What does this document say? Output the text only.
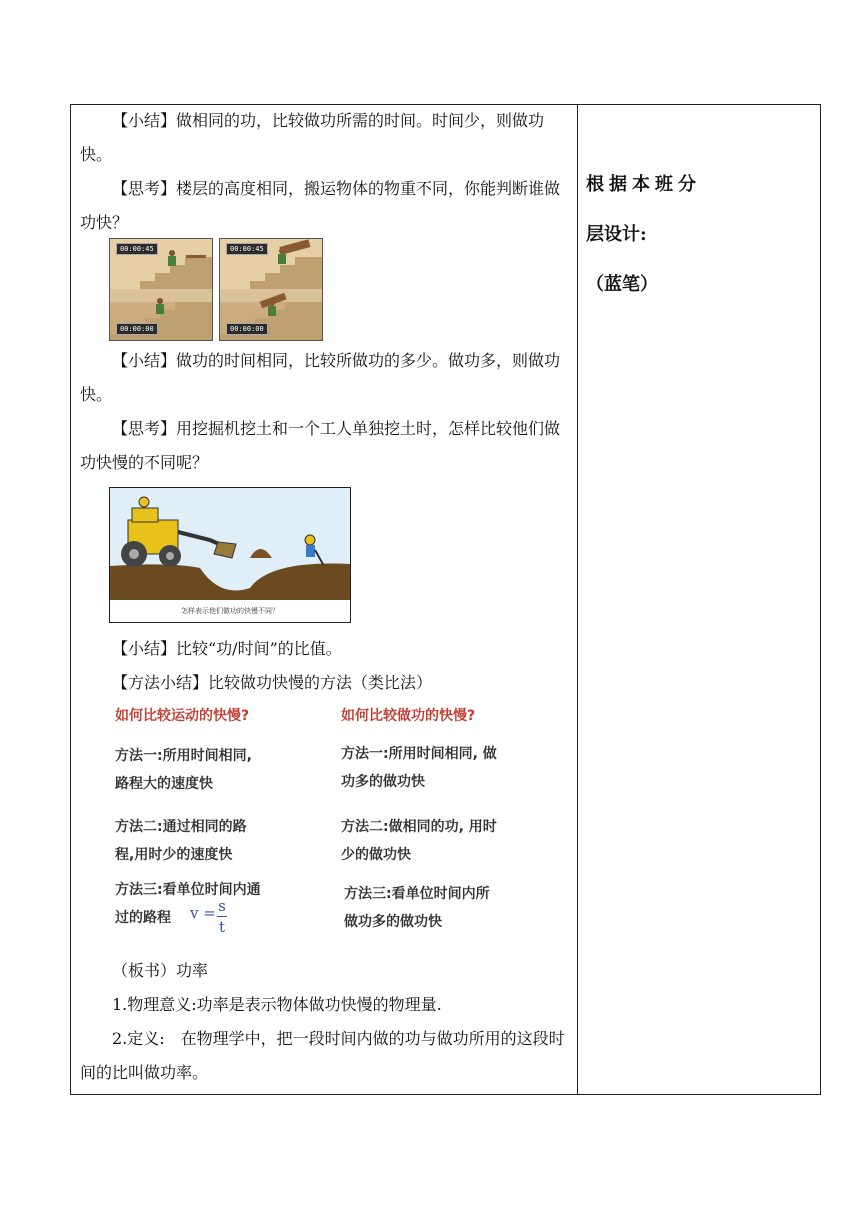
【小结】做相同的功，比较做功所需的时间。时间少，则做功快。

【思考】楼层的高度相同，搬运物体的物重不同，你能判断谁做功快？

【小结】做功的时间相同，比较所做功的多少。做功多，则做功快。

【思考】用挖掘机挖土和一个工人单独挖土时，怎样比较他们做功快慢的不同呢？

【小结】比较“功/时间”的比值。

【方法小结】比较做功快慢的方法（类比法）

（板书）功率

1.物理意义:功率是表示物体做功快慢的物理量.

2.定义:　在物理学中，把一段时间内做的功与做功所用的这段时间的比叫做功率。

00:00:45
00:00:00
00:00:45
00:00:00
怎样表示他们做功的快慢不同？
如何比较运动的快慢?	如何比较做功的快慢?
方法一:所用时间相同,
路程大的速度快
方法一:所用时间相同, 做
功多的做功快
方法二:通过相同的路
程,用时少的速度快
方法二:做相同的功, 用时
少的做功快
方法三:看单位时间内通
过的路程
方法三:看单位时间内所
做功多的做功快
v = s
t
根据本班分
层设计:
（蓝笔）
